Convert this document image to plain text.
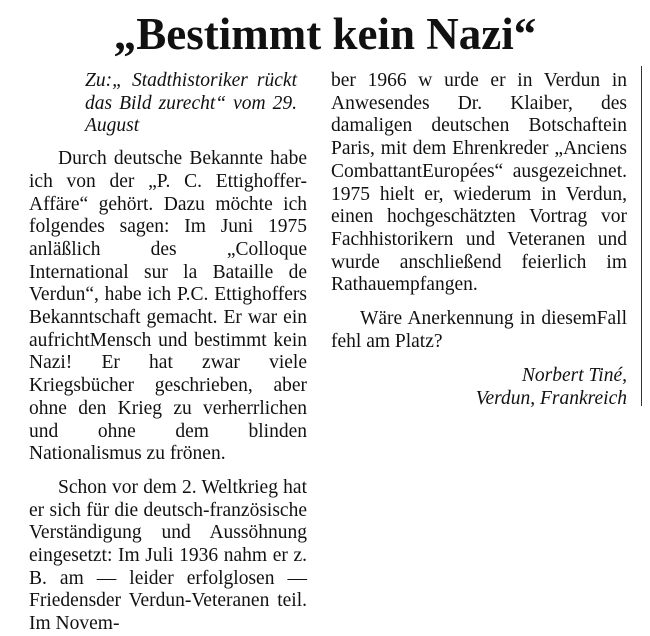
„Bestimmt kein Nazi“

Zu:„ Stadthistoriker rückt das Bild zurecht“ vom 29. August

Durch deutsche Bekannte habe ich von der „P. C. Ettighoffer-Affäre“ gehört. Dazu möchte ich folgendes sagen: Im Juni 1975 anläßlich des „Colloque International sur la Bataille de Verdun“, habe ich P.C. Ettighoffers Bekanntschaft gemacht. Er war ein aufrichtMensch und bestimmt kein Nazi! Er hat zwar viele Kriegsbücher geschrieben, aber ohne den Krieg zu verherrlichen und ohne dem blinden Nationalismus zu frönen.

Schon vor dem 2. Weltkrieg hat er sich für die deutsch-französische Verständigung und Aussöhnung eingesetzt: Im Juli 1936 nahm er z. B. am — leider erfolglosen — Friedensder Verdun-Veteranen teil. Im Novem-

ber 1966 w urde er in Verdun in Anwesendes Dr. Klaiber, des damaligen deutschen Botschaftein Paris, mit dem Ehrenkreder „Anciens CombattantEuropées“ ausgezeichnet. 1975 hielt er, wiederum in Verdun, einen hochgeschätzten Vortrag vor Fachhistorikern und Veteranen und wurde anschließend feierlich im Rathauempfangen.

Wäre Anerkennung in diesemFall fehl am Platz?

Norbert Tiné,
Verdun, Frankreich
